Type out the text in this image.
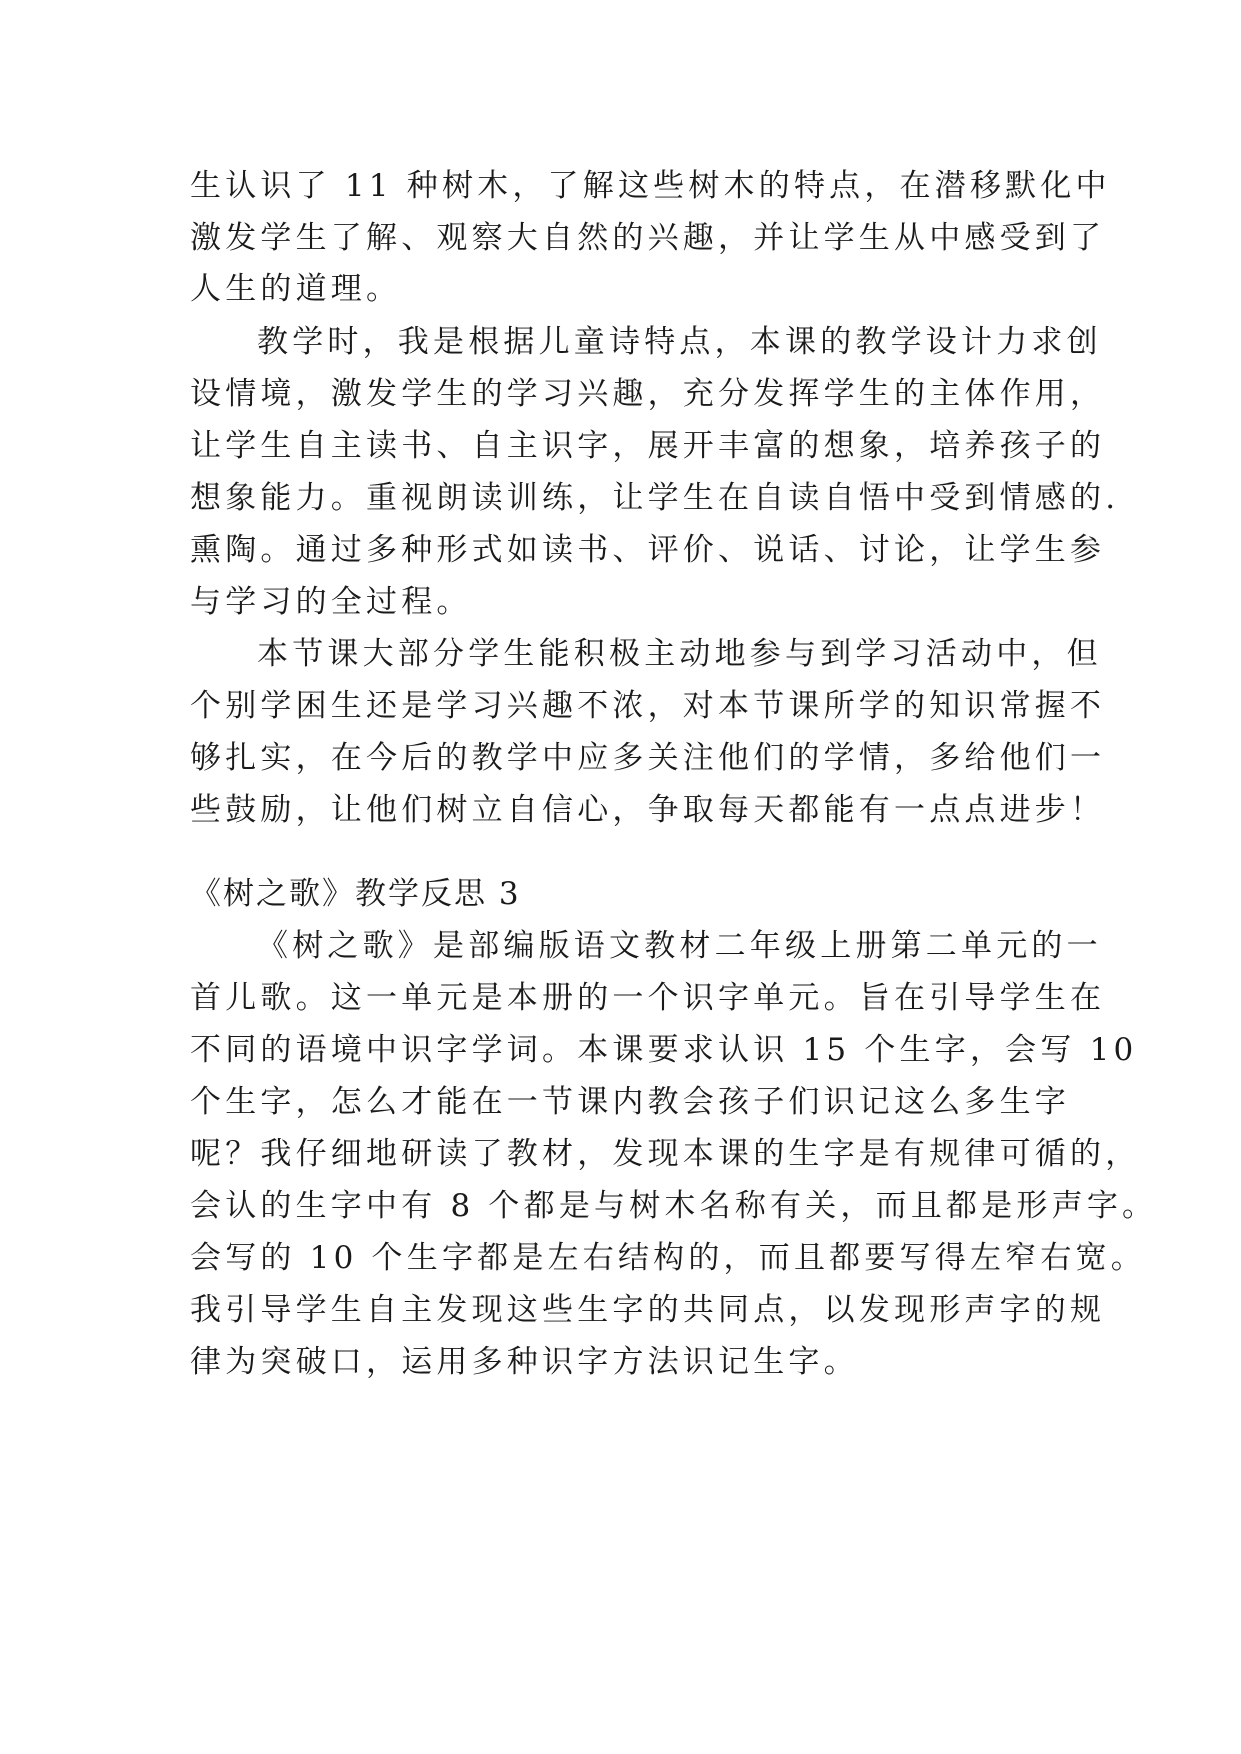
生认识了 11 种树木，了解这些树木的特点，在潜移默化中
激发学生了解、观察大自然的兴趣，并让学生从中感受到了
人生的道理。
教学时，我是根据儿童诗特点，本课的教学设计力求创
设情境，激发学生的学习兴趣，充分发挥学生的主体作用，
让学生自主读书、自主识字，展开丰富的想象，培养孩子的
想象能力。重视朗读训练，让学生在自读自悟中受到情感的.
熏陶。通过多种形式如读书、评价、说话、讨论，让学生参
与学习的全过程。
本节课大部分学生能积极主动地参与到学习活动中，但
个别学困生还是学习兴趣不浓，对本节课所学的知识常握不
够扎实，在今后的教学中应多关注他们的学情，多给他们一
些鼓励，让他们树立自信心，争取每天都能有一点点进步！
《树之歌》教学反思 3
《树之歌》是部编版语文教材二年级上册第二单元的一
首儿歌。这一单元是本册的一个识字单元。旨在引导学生在
不同的语境中识字学词。本课要求认识 15 个生字，会写 10
个生字，怎么才能在一节课内教会孩子们识记这么多生字
呢？我仔细地研读了教材，发现本课的生字是有规律可循的，
会认的生字中有 8 个都是与树木名称有关，而且都是形声字。
会写的 10 个生字都是左右结构的，而且都要写得左窄右宽。
我引导学生自主发现这些生字的共同点，以发现形声字的规
律为突破口，运用多种识字方法识记生字。
